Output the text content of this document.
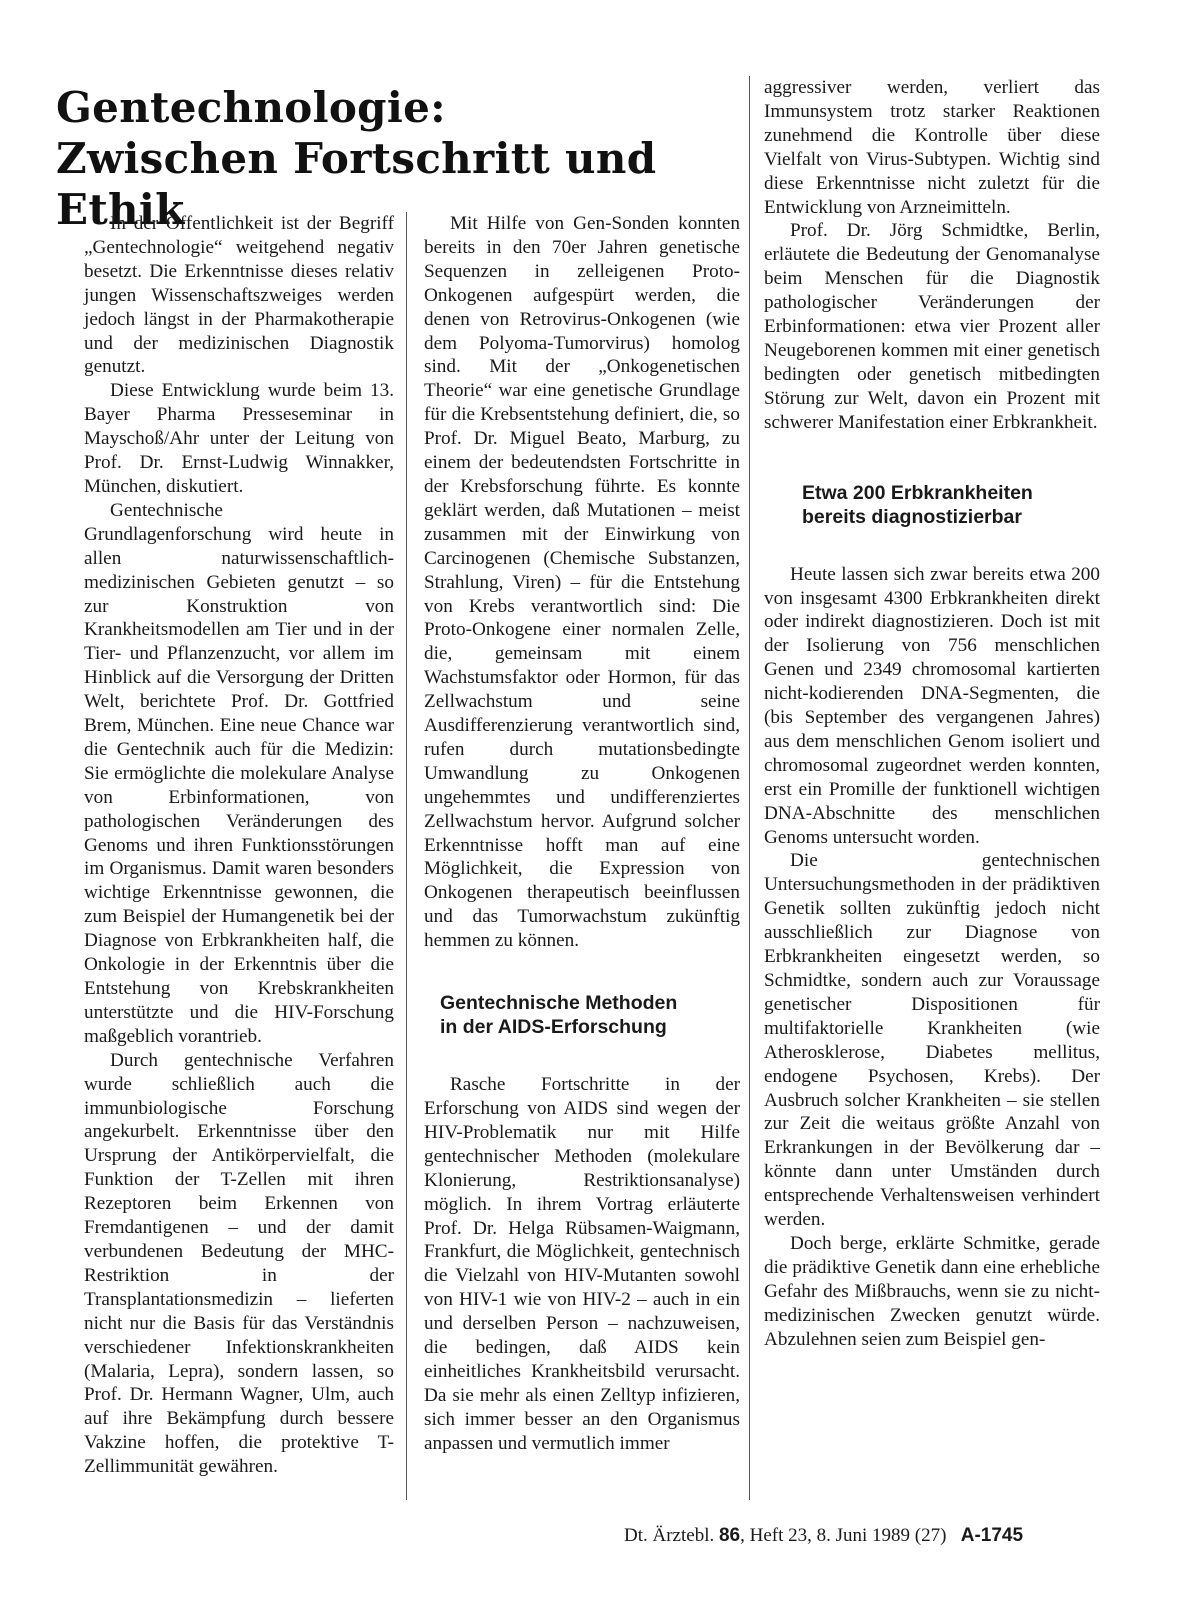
Gentechnologie:
Zwischen Fortschritt und Ethik

In der Öffentlichkeit ist der Begriff „Gentechnologie“ weitgehend negativ besetzt. Die Erkenntnisse dieses relativ jungen Wissenschaftszweiges werden jedoch längst in der Pharmakotherapie und der medizinischen Diagnostik genutzt.

Diese Entwicklung wurde beim 13. Bayer Pharma Presseseminar in Mayschoß/Ahr unter der Leitung von Prof. Dr. Ernst-Ludwig Winnakker, München, diskutiert.

Gentechnische Grundlagenforschung wird heute in allen naturwissenschaftlich-medizinischen Gebieten genutzt – so zur Konstruktion von Krankheitsmodellen am Tier und in der Tier- und Pflanzenzucht, vor allem im Hinblick auf die Versorgung der Dritten Welt, berichtete Prof. Dr. Gottfried Brem, München. Eine neue Chance war die Gentechnik auch für die Medizin: Sie ermöglichte die molekulare Analyse von Erbinformationen, von pathologischen Veränderungen des Genoms und ihren Funktionsstörungen im Organismus. Damit waren besonders wichtige Erkenntnisse gewonnen, die zum Beispiel der Humangenetik bei der Diagnose von Erbkrankheiten half, die Onkologie in der Erkenntnis über die Entstehung von Krebskrankheiten unterstützte und die HIV-Forschung maßgeblich vorantrieb.

Durch gentechnische Verfahren wurde schließlich auch die immunbiologische Forschung angekurbelt. Erkenntnisse über den Ursprung der Antikörpervielfalt, die Funktion der T-Zellen mit ihren Rezeptoren beim Erkennen von Fremdantigenen – und der damit verbundenen Bedeutung der MHC-Restriktion in der Transplantationsmedizin – lieferten nicht nur die Basis für das Verständnis verschiedener Infektionskrankheiten (Malaria, Lepra), sondern lassen, so Prof. Dr. Hermann Wagner, Ulm, auch auf ihre Bekämpfung durch bessere Vakzine hoffen, die protektive T-Zellimmunität gewähren.

Mit Hilfe von Gen-Sonden konnten bereits in den 70er Jahren genetische Sequenzen in zelleigenen Proto-Onkogenen aufgespürt werden, die denen von Retrovirus-Onkogenen (wie dem Polyoma-Tumorvirus) homolog sind. Mit der „Onkogenetischen Theorie“ war eine genetische Grundlage für die Krebsentstehung definiert, die, so Prof. Dr. Miguel Beato, Marburg, zu einem der bedeutendsten Fortschritte in der Krebsforschung führte. Es konnte geklärt werden, daß Mutationen – meist zusammen mit der Einwirkung von Carcinogenen (Chemische Substanzen, Strahlung, Viren) – für die Entstehung von Krebs verantwortlich sind: Die Proto-Onkogene einer normalen Zelle, die, gemeinsam mit einem Wachstumsfaktor oder Hormon, für das Zellwachstum und seine Ausdifferenzierung verantwortlich sind, rufen durch mutationsbedingte Umwandlung zu Onkogenen ungehemmtes und undifferenziertes Zellwachstum hervor. Aufgrund solcher Erkenntnisse hofft man auf eine Möglichkeit, die Expression von Onkogenen therapeutisch beeinflussen und das Tumorwachstum zukünftig hemmen zu können.

Gentechnische Methoden
in der AIDS-Erforschung

Rasche Fortschritte in der Erforschung von AIDS sind wegen der HIV-Problematik nur mit Hilfe gentechnischer Methoden (molekulare Klonierung, Restriktionsanalyse) möglich. In ihrem Vortrag erläuterte Prof. Dr. Helga Rübsamen-Waigmann, Frankfurt, die Möglichkeit, gentechnisch die Vielzahl von HIV-Mutanten sowohl von HIV-1 wie von HIV-2 – auch in ein und derselben Person – nachzuweisen, die bedingen, daß AIDS kein einheitliches Krankheitsbild verursacht. Da sie mehr als einen Zelltyp infizieren, sich immer besser an den Organismus anpassen und vermutlich immer

aggressiver werden, verliert das Immunsystem trotz starker Reaktionen zunehmend die Kontrolle über diese Vielfalt von Virus-Subtypen. Wichtig sind diese Erkenntnisse nicht zuletzt für die Entwicklung von Arzneimitteln.

Prof. Dr. Jörg Schmidtke, Berlin, erläutete die Bedeutung der Genomanalyse beim Menschen für die Diagnostik pathologischer Veränderungen der Erbinformationen: etwa vier Prozent aller Neugeborenen kommen mit einer genetisch bedingten oder genetisch mitbedingten Störung zur Welt, davon ein Prozent mit schwerer Manifestation einer Erbkrankheit.

Etwa 200 Erbkrankheiten
bereits diagnostizierbar

Heute lassen sich zwar bereits etwa 200 von insgesamt 4300 Erbkrankheiten direkt oder indirekt diagnostizieren. Doch ist mit der Isolierung von 756 menschlichen Genen und 2349 chromosomal kartierten nicht-kodierenden DNA-Segmenten, die (bis September des vergangenen Jahres) aus dem menschlichen Genom isoliert und chromosomal zugeordnet werden konnten, erst ein Promille der funktionell wichtigen DNA-Abschnitte des menschlichen Genoms untersucht worden.

Die gentechnischen Untersuchungsmethoden in der prädiktiven Genetik sollten zukünftig jedoch nicht ausschließlich zur Diagnose von Erbkrankheiten eingesetzt werden, so Schmidtke, sondern auch zur Voraussage genetischer Dispositionen für multifaktorielle Krankheiten (wie Atherosklerose, Diabetes mellitus, endogene Psychosen, Krebs). Der Ausbruch solcher Krankheiten – sie stellen zur Zeit die weitaus größte Anzahl von Erkrankungen in der Bevölkerung dar – könnte dann unter Umständen durch entsprechende Verhaltensweisen verhindert werden.

Doch berge, erklärte Schmitke, gerade die prädiktive Genetik dann eine erhebliche Gefahr des Mißbrauchs, wenn sie zu nicht-medizinischen Zwecken genutzt würde. Abzulehnen seien zum Beispiel gen-

Dt. Ärztebl. 86, Heft 23, 8. Juni 1989 (27) A-1745
